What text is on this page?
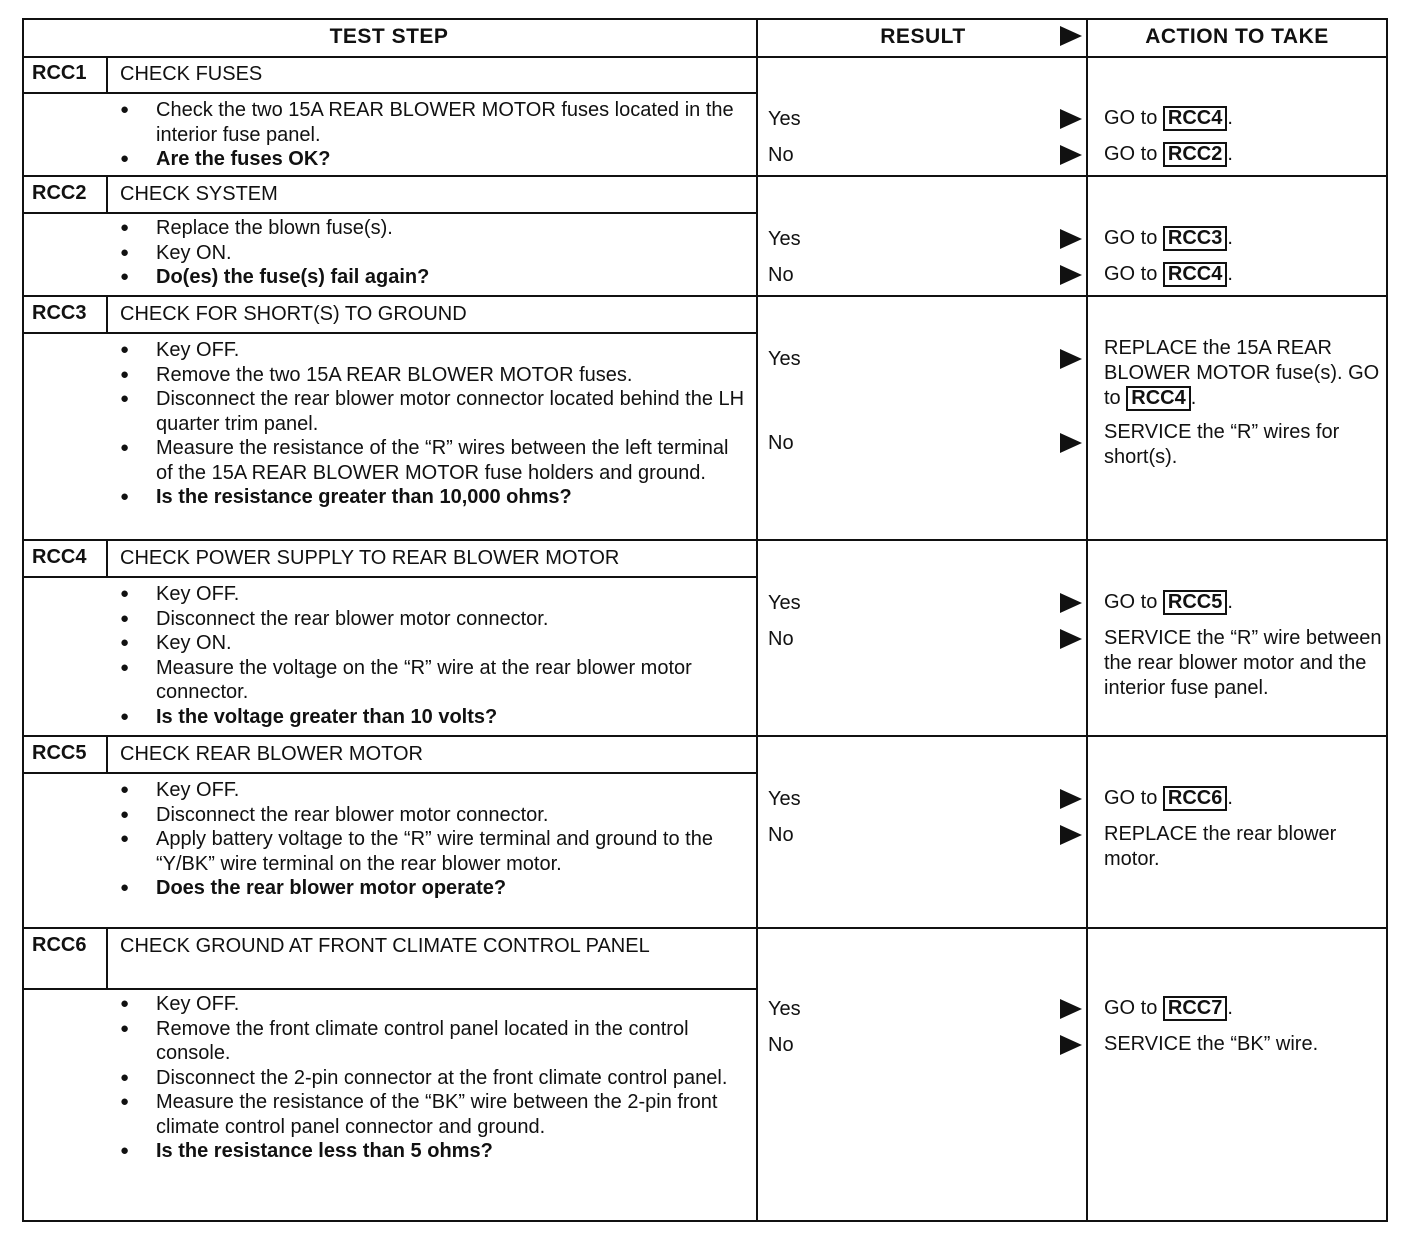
TEST STEP	RESULT	ACTION TO TAKE
RCC1	CHECK FUSES
● Check the two 15A REAR BLOWER MOTOR fuses located in the interior fuse panel.
● Are the fuses OK?
Yes	GO to RCC4 .
No	GO to RCC2 .
RCC2	CHECK SYSTEM
● Replace the blown fuse(s).
● Key ON.
● Do(es) the fuse(s) fail again?
Yes	GO to RCC3 .
No	GO to RCC4 .
RCC3	CHECK FOR SHORT(S) TO GROUND
● Key OFF.
● Remove the two 15A REAR BLOWER MOTOR fuses.
● Disconnect the rear blower motor connector located behind the LH quarter trim panel.
● Measure the resistance of the “R” wires between the left terminal of the 15A REAR BLOWER MOTOR fuse holders and ground.
● Is the resistance greater than 10,000 ohms?
Yes	REPLACE the 15A REAR BLOWER MOTOR fuse(s). GO to RCC4 .
No	SERVICE the “R” wires for short(s).
RCC4	CHECK POWER SUPPLY TO REAR BLOWER MOTOR
● Key OFF.
● Disconnect the rear blower motor connector.
● Key ON.
● Measure the voltage on the “R” wire at the rear blower motor connector.
● Is the voltage greater than 10 volts?
Yes	GO to RCC5 .
No	SERVICE the “R” wire between the rear blower motor and the interior fuse panel.
RCC5	CHECK REAR BLOWER MOTOR
● Key OFF.
● Disconnect the rear blower motor connector.
● Apply battery voltage to the “R” wire terminal and ground to the “Y/BK” wire terminal on the rear blower motor.
● Does the rear blower motor operate?
Yes	GO to RCC6 .
No	REPLACE the rear blower motor.
RCC6	CHECK GROUND AT FRONT CLIMATE CONTROL PANEL
● Key OFF.
● Remove the front climate control panel located in the control console.
● Disconnect the 2-pin connector at the front climate control panel.
● Measure the resistance of the “BK” wire between the 2-pin front climate control panel connector and ground.
● Is the resistance less than 5 ohms?
Yes	GO to RCC7 .
No	SERVICE the “BK” wire.
